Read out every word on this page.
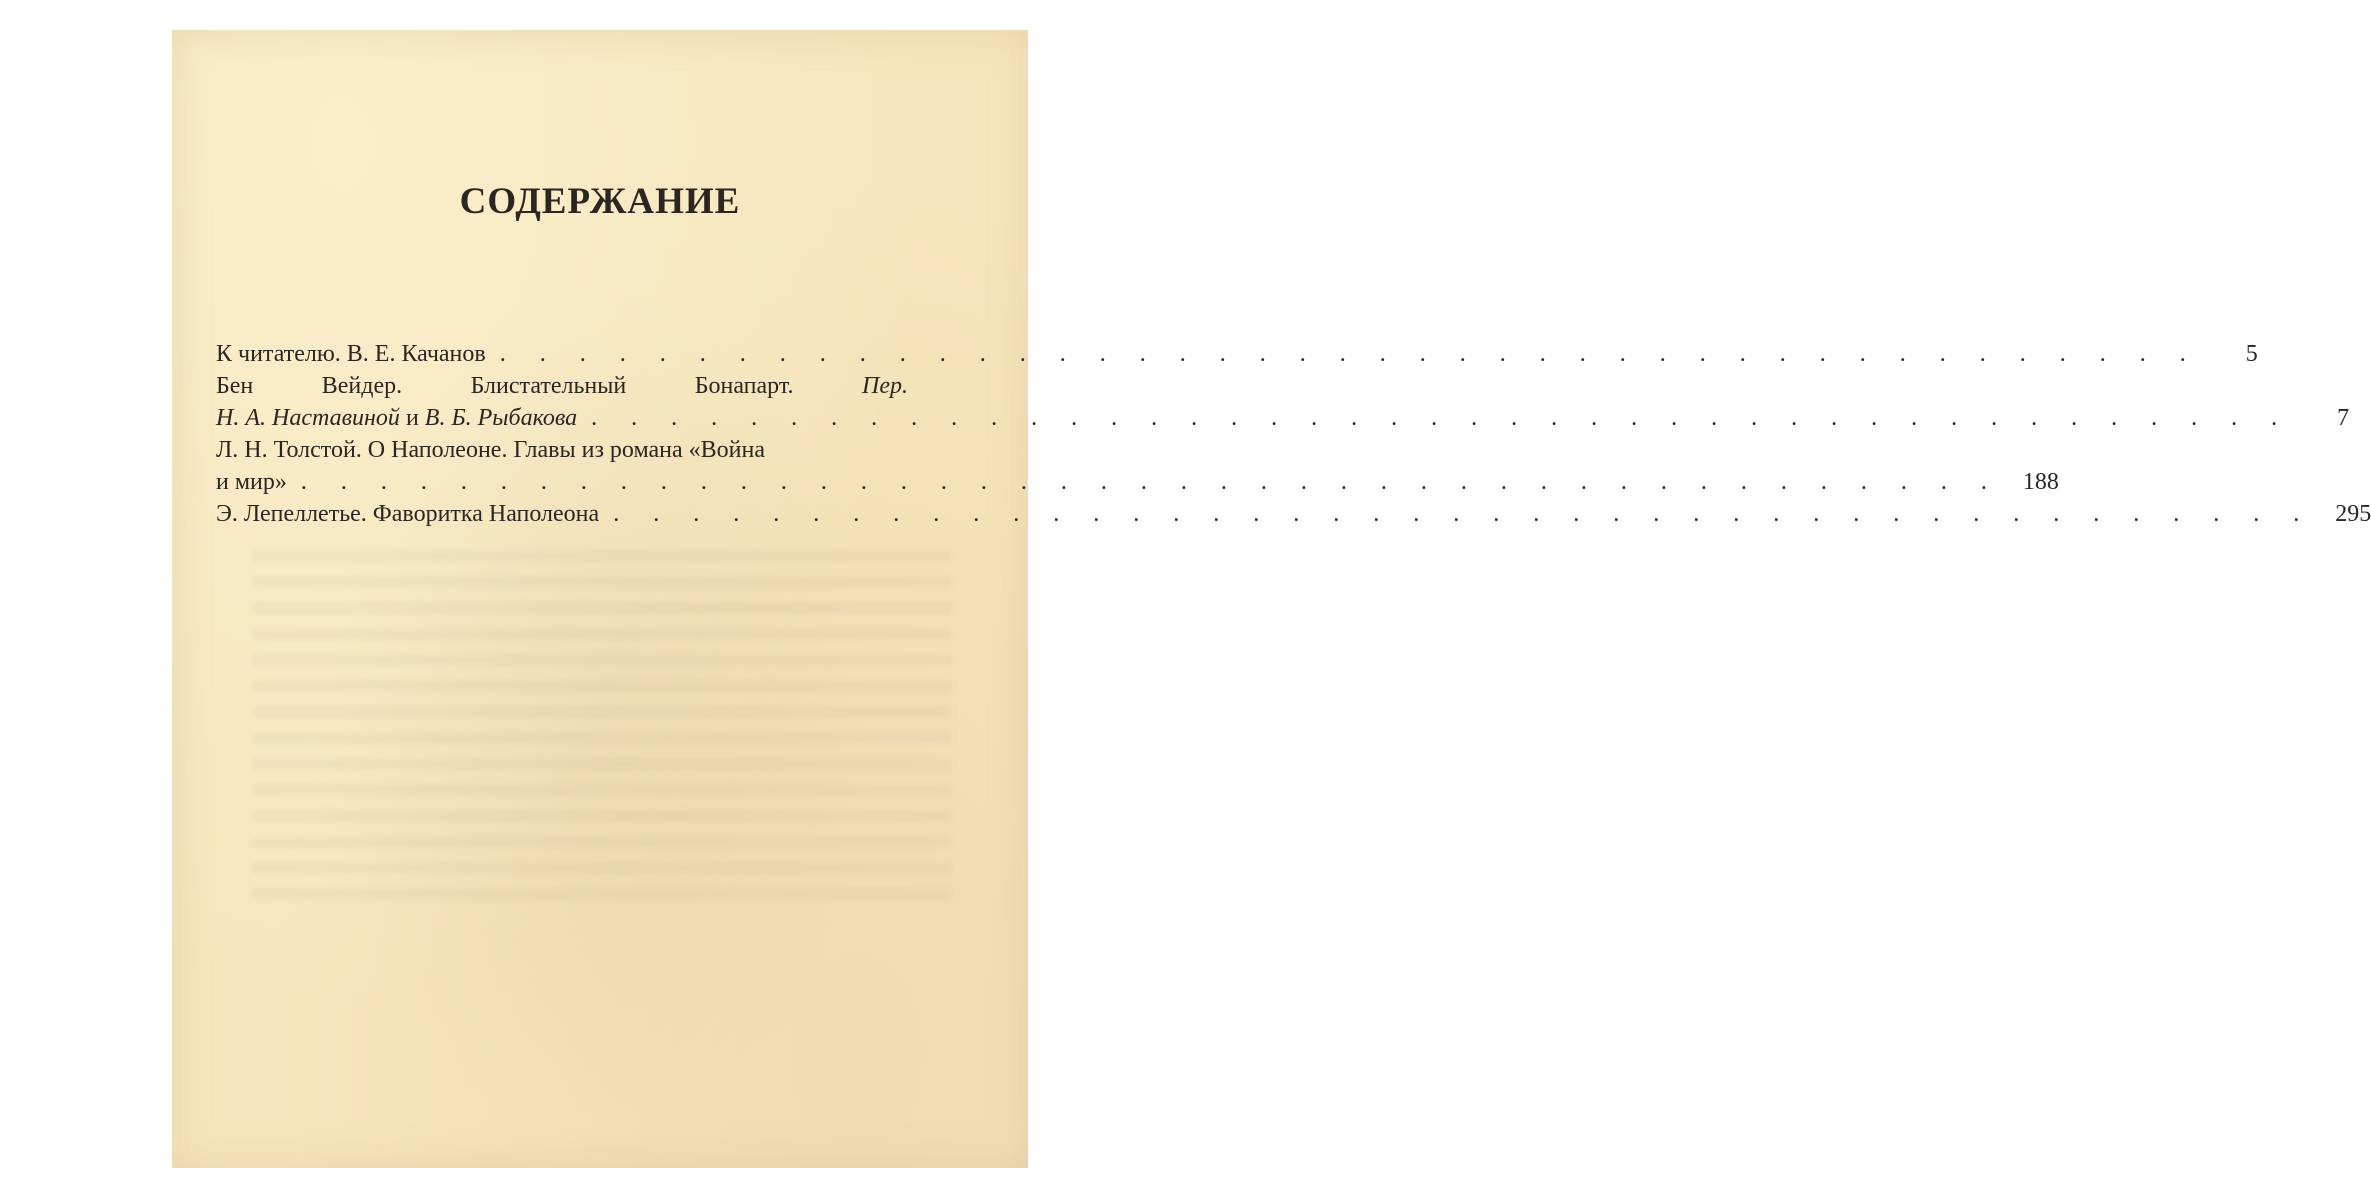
СОДЕРЖАНИЕ
К читателю. В. Е. Качанов . . . . . . . . . . . . . . . . . . . . . . . . . . . . . . . . . . . . . . . . . . .	5
Бен	Вейдер.	Блистательный	Бонапарт.	Пер.
Н. А. Наставиной и В. Б. Рыбакова . . . . . . . . . . . . . . . . . . . . . . . . . . . . . . . . . . . . . . . . . . .	7
Л. Н. Толстой. О Наполеоне. Главы из романа «Война
и мир» . . . . . . . . . . . . . . . . . . . . . . . . . . . . . . . . . . . . . . . . . . . 188
Э. Лепеллетье. Фаворитка Наполеона . . . . . . . . . . . . . . . . . . . . . . . . . . . . . . . . . . . . . . . . . . . 295
